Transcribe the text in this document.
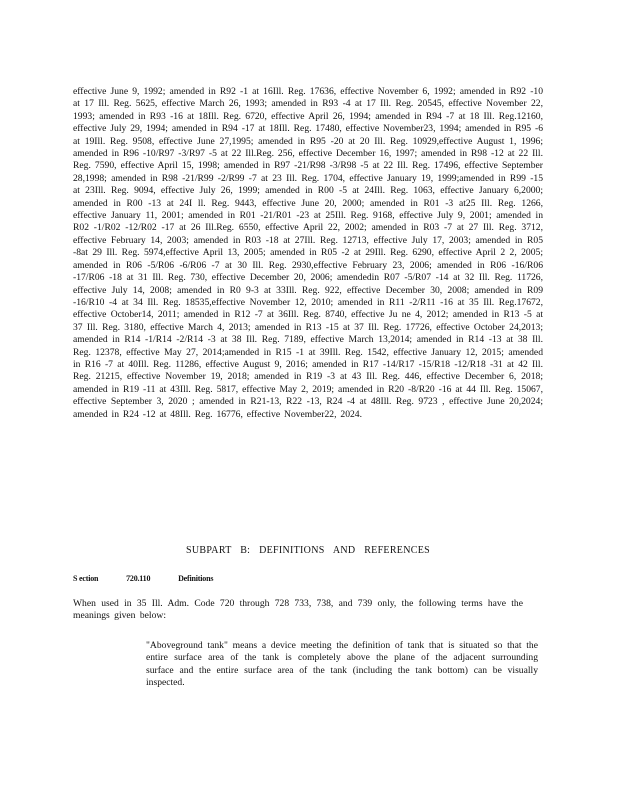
effective June 9, 1992; amended in R92 -1 at 16Ill. Reg. 17636, effective November 6, 1992; amended in R92 -10 at 17 Ill. Reg. 5625, effective March 26, 1993; amended in R93 -4 at 17 Ill. Reg. 20545, effective November 22, 1993; amended in R93 -16 at 18Ill. Reg. 6720, effective April 26, 1994; amended in R94 -7 at 18 Ill. Reg.12160, effective July 29, 1994; amended in R94 -17 at 18Ill. Reg. 17480, effective November23, 1994; amended in R95 -6 at 19Ill. Reg. 9508, effective June 27,1995; amended in R95 -20 at 20 Ill. Reg. 10929,effective August 1, 1996; amended in R96 -10/R97 -3/R97 -5 at 22 Ill.Reg. 256, effective December 16, 1997; amended in R98 -12 at 22 Ill. Reg. 7590, effective April 15, 1998; amended in R97 -21/R98 -3/R98 -5 at 22 Ill. Reg. 17496, effective September 28,1998; amended in R98 -21/R99 -2/R99 -7 at 23 Ill. Reg. 1704, effective January 19, 1999;amended in R99 -15 at 23Ill. Reg. 9094, effective July 26, 1999; amended in R00 -5 at 24Ill. Reg. 1063, effective January 6,2000; amended in R00 -13 at 24I ll. Reg. 9443, effective June 20, 2000; amended in R01 -3 at25 Ill. Reg. 1266, effective January 11, 2001; amended in R01 -21/R01 -23 at 25Ill. Reg. 9168, effective July 9, 2001; amended in R02 -1/R02 -12/R02 -17 at 26 Ill.Reg. 6550, effective April 22, 2002; amended in R03 -7 at 27 Ill. Reg. 3712, effective February 14, 2003; amended in R03 -18 at 27Ill. Reg. 12713, effective July 17, 2003; amended in R05 -8at 29 Ill. Reg. 5974,effective April 13, 2005; amended in R05 -2 at 29Ill. Reg. 6290, effective April 2 2, 2005; amended in R06 -5/R06 -6/R06 -7 at 30 Ill. Reg. 2930,effective February 23, 2006; amended in R06 -16/R06 -17/R06 -18 at 31 Ill. Reg. 730, effective December 20, 2006; amendedin R07 -5/R07 -14 at 32 Ill. Reg. 11726, effective July 14, 2008; amended in R0 9-3 at 33Ill. Reg. 922, effective December 30, 2008; amended in R09 -16/R10 -4 at 34 Ill. Reg. 18535,effective November 12, 2010; amended in R11 -2/R11 -16 at 35 Ill. Reg.17672, effective October14, 2011; amended in R12 -7 at 36Ill. Reg. 8740, effective Ju ne 4, 2012; amended in R13 -5 at 37 Ill. Reg. 3180, effective March 4, 2013; amended in R13 -15 at 37 Ill. Reg. 17726, effective October 24,2013; amended in R14 -1/R14 -2/R14 -3 at 38 Ill. Reg. 7189, effective March 13,2014; amended in R14 -13 at 38 Ill. Reg. 12378, effective May 27, 2014;amended in R15 -1 at 39Ill. Reg. 1542, effective January 12, 2015; amended in R16 -7 at 40Ill. Reg. 11286, effective August 9, 2016; amended in R17 -14/R17 -15/R18 -12/R18 -31 at 42 Ill. Reg. 21215, effective November 19, 2018; amended in R19 -3 at 43 Ill. Reg. 446, effective December 6, 2018; amended in R19 -11 at 43Ill. Reg. 5817, effective May 2, 2019; amended in R20 -8/R20 -16 at 44 Ill. Reg. 15067, effective September 3, 2020 ; amended in R21-13, R22 -13, R24 -4 at 48Ill. Reg. 9723 , effective June 20,2024; amended in R24 -12 at 48Ill. Reg. 16776, effective November22, 2024.
SUBPART B: DEFINITIONS AND REFERENCES
S ection	720.110	Definitions
When used in 35 Ill. Adm. Code 720 through 728 733, 738, and 739 only, the following terms have the meanings given below:
"Aboveground tank" means a device meeting the definition of tank that is situated so that the entire surface area of the tank is completely above the plane of the adjacent surrounding surface and the entire surface area of the tank (including the tank bottom) can be visually inspected.
